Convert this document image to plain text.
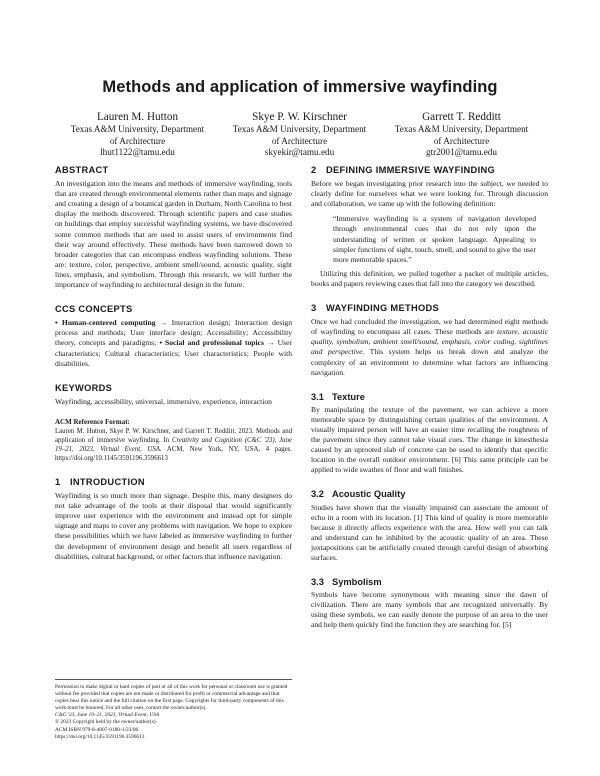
Methods and application of immersive wayfinding
Lauren M. Hutton
Texas A&M University, Department
of Architecture
lhut1122@tamu.edu
Skye P. W. Kirschner
Texas A&M University, Department
of Architecture
skyekir@tamu.edu
Garrett T. Redditt
Texas A&M University, Department
of Architecture
gtr2001@tamu.edu
ABSTRACT

An investigation into the means and methods of immersive wayfinding, tools that are created through environmental elements rather than maps and signage and creating a design of a botanical garden in Durham, North Carolina to best display the methods discovered. Through scientific papers and case studies on buildings that employ successful wayfinding systems, we have discovered some common methods that are used to assist users of environments find their way around effectively. These methods have been narrowed down to broader categories that can encompass endless wayfinding solutions. These are: texture, color, perspective, ambient smell/sound, acoustic quality, sight lines, emphasis, and symbolism. Through this research, we will further the importance of wayfinding to architectural design in the future.

CCS CONCEPTS

• Human-centered computing → Interaction design; Interaction design process and methods; User interface design; Accessibility; Accessibility theory, concepts and paradigms; • Social and professional topics → User characteristics; Cultural characteristics; User characteristics; People with disabilities.

KEYWORDS

Wayfinding, accessibility, universal, immersive, experience, interaction

ACM Reference Format:

Lauren M. Hutton, Skye P. W. Kirschner, and Garrett T. Redditt. 2023. Methods and application of immersive wayfinding. In Creativity and Cognition (C&C '23), June 19–21, 2023, Virtual Event, USA. ACM, New York, NY, USA, 4 pages. https://doi.org/10.1145/3591196.3596613

1 INTRODUCTION

Wayfinding is so much more than signage. Despite this, many designers do not take advantage of the tools at their disposal that would significantly improve user experience with the environment and instead opt for simple signage and maps to cover any problems with navigation. We hope to explore these possibilities which we have labeled as immersive wayfinding to further the development of environment design and benefit all users regardless of disabilities, cultural background, or other factors that influence navigation.

Permission to make digital or hard copies of part or all of this work for personal or classroom use is granted without fee provided that copies are not made or distributed for profit or commercial advantage and that copies bear this notice and the full citation on the first page. Copyrights for third-party components of this work must be honored. For all other uses, contact the owner/author(s).

C&C '23, June 19–21, 2023, Virtual Event, USA

© 2023 Copyright held by the owner/author(s).

ACM ISBN 979-8-4007-0180-1/23/06.

https://doi.org/10.1145/3591196.3596613

2 DEFINING IMMERSIVE WAYFINDING

Before we began investigating prior research into the subject, we needed to clearly define for ourselves what we were looking for. Through discussion and collaboration, we came up with the following definition:

“Immersive wayfinding is a system of navigation developed through environmental cues that do not rely upon the understanding of written or spoken language. Appealing to simpler functions of sight, touch, smell, and sound to give the user more memorable spaces.”

Utilizing this definition, we pulled together a packet of multiple articles, books and papers reviewing cases that fall into the category we described.

3 WAYFINDING METHODS

Once we had concluded the investigation, we had determined eight methods of wayfinding to encompass all cases. These methods are texture, acoustic quality, symbolism, ambient smell/sound, emphasis, color coding, sightlines and perspective. This system helps us break down and analyze the complexity of an environment to determine what factors are influencing navigation.

3.1 Texture

By manipulating the texture of the pavement, we can achieve a more memorable space by distinguishing certain qualities of the environment. A visually impaired person will have an easier time recalling the roughness of the pavement since they cannot take visual cues. The change in kinesthesia caused by an uprooted slab of concrete can be used to identify that specific location in the overall outdoor environment. [6] This same principle can be applied to wide swathes of floor and wall finishes.

3.2 Acoustic Quality

Studies have shown that the visually impaired can associate the amount of echo in a room with its location. [1] This kind of quality is more memorable because it directly affects experience with the area. How well you can talk and understand can be inhibited by the acoustic quality of an area. These juxtapositions can be artificially created through careful design of absorbing surfaces.

3.3 Symbolism

Symbols have become synonymous with meaning since the dawn of civilization. There are many symbols that are recognized universally. By using these symbols, we can easily denote the purpose of an area to the user and help them quickly find the function they are searching for. [5]
